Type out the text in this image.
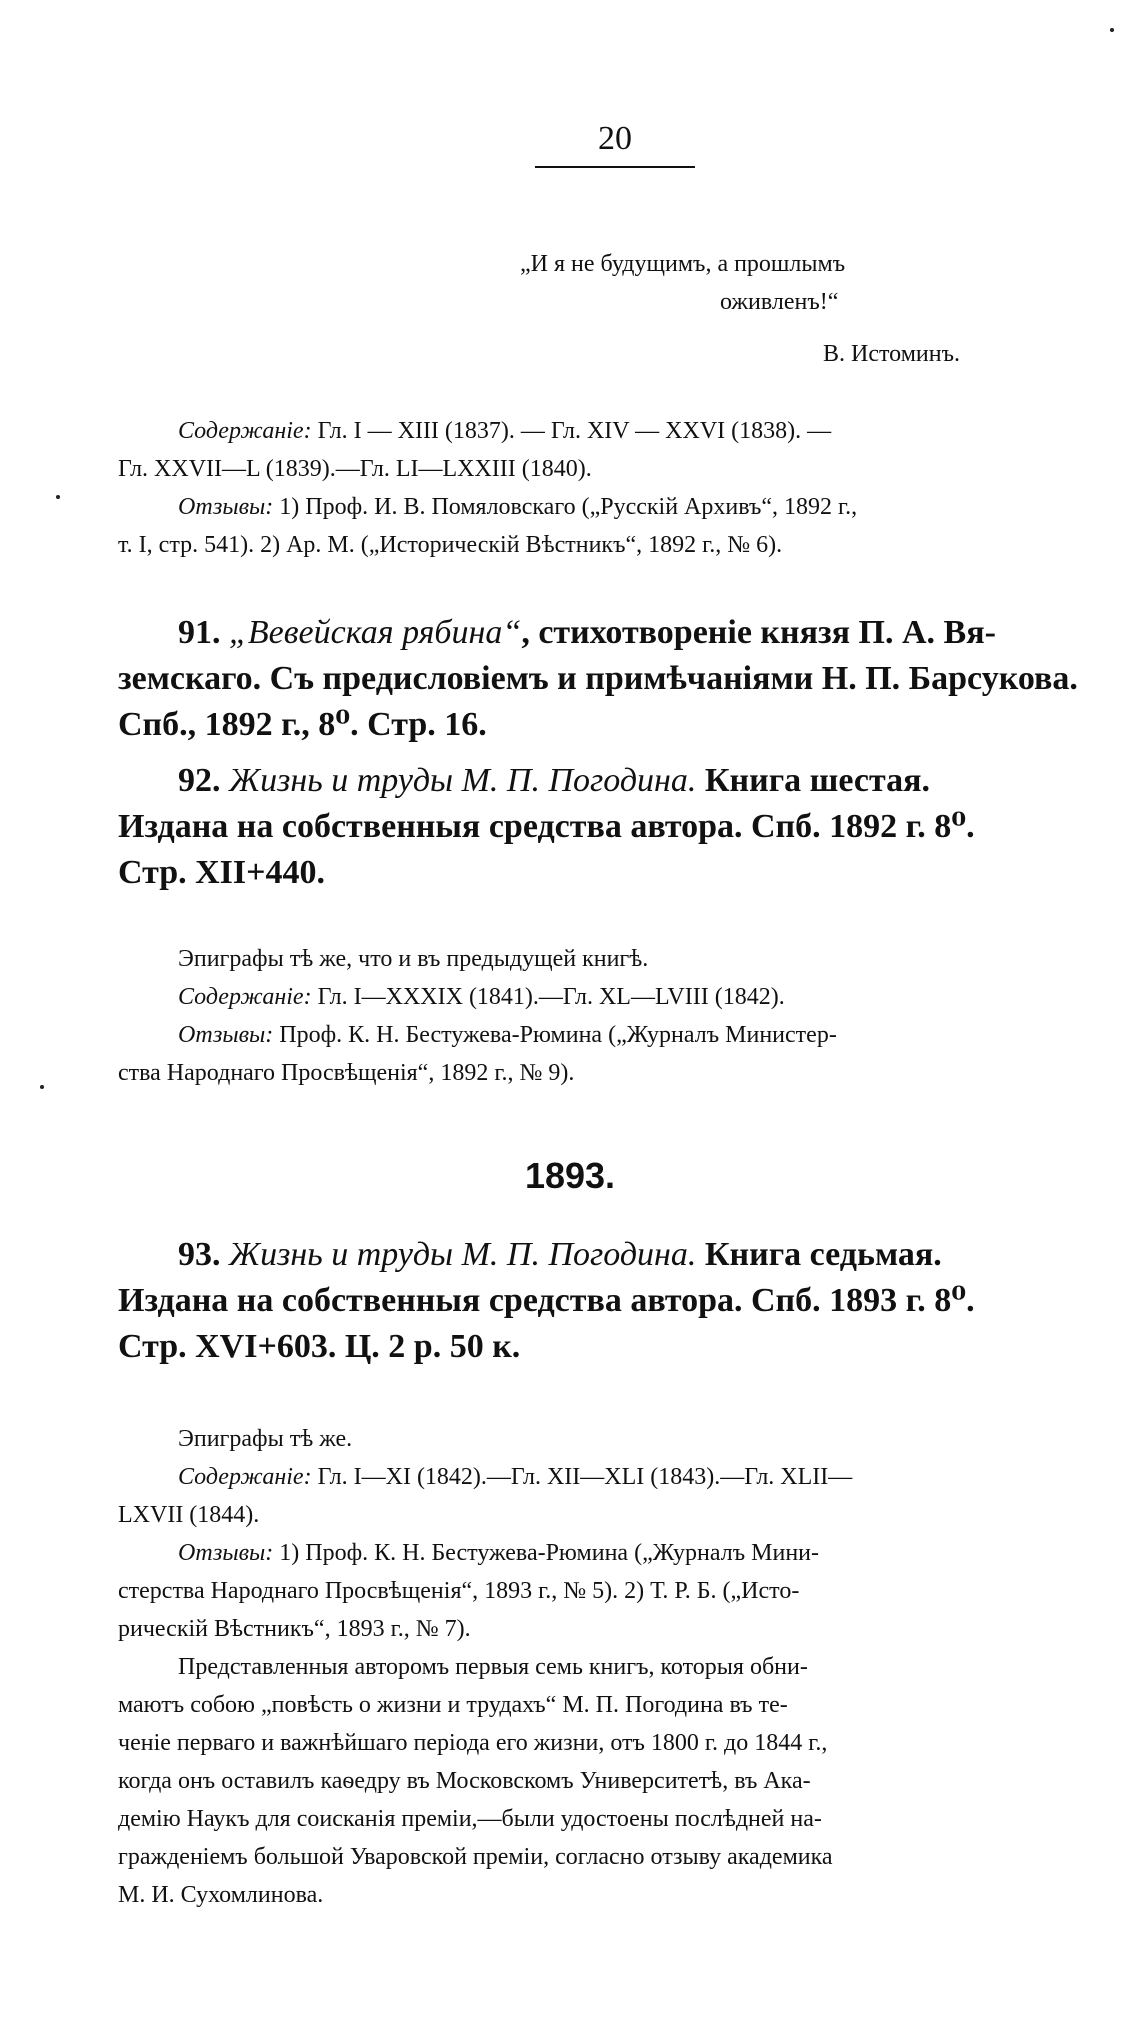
20
„И я не будущимъ, а прошлымъ
оживленъ!“
В. Истоминъ.
Содержаніе: Гл. I — XIII (1837). — Гл. XIV — XXVI (1838). —
Гл. XXVII—L (1839).—Гл. LI—LXXIII (1840).
Отзывы: 1) Проф. И. В. Помяловскаго („Русскій Архивъ“, 1892 г.,
т. I, стр. 541). 2) Ар. М. („Историческій Вѣстникъ“, 1892 г., № 6).
91. „Вевейская рябина“, стихотвореніе князя П. А. Вя-
земскаго. Съ предисловіемъ и примѣчаніями Н. П. Барсукова.
Спб., 1892 г., 8⁰. Стр. 16.
92. Жизнь и труды М. П. Погодина. Книга шестая.
Издана на собственныя средства автора. Спб. 1892 г. 8⁰.
Стр. XII+440.
Эпиграфы тѣ же, что и въ предыдущей книгѣ.
Содержаніе: Гл. I—XXXIX (1841).—Гл. XL—LVIII (1842).
Отзывы: Проф. К. Н. Бестужева-Рюмина („Журналъ Министер-
ства Народнаго Просвѣщенія“, 1892 г., № 9).
1893.
93. Жизнь и труды М. П. Погодина. Книга седьмая.
Издана на собственныя средства автора. Спб. 1893 г. 8⁰.
Стр. XVI+603. Ц. 2 р. 50 к.
Эпиграфы тѣ же.
Содержаніе: Гл. I—XI (1842).—Гл. XII—XLI (1843).—Гл. XLII—
LXVII (1844).
Отзывы: 1) Проф. К. Н. Бестужева-Рюмина („Журналъ Мини-
стерства Народнаго Просвѣщенія“, 1893 г., № 5). 2) Т. Р. Б. („Исто-
рическій Вѣстникъ“, 1893 г., № 7).
Представленныя авторомъ первыя семь книгъ, которыя обни-
маютъ собою „повѣсть о жизни и трудахъ“ М. П. Погодина въ те-
ченіе перваго и важнѣйшаго періода его жизни, отъ 1800 г. до 1844 г.,
когда онъ оставилъ каѳедру въ Московскомъ Университетѣ, въ Ака-
демію Наукъ для соисканія преміи,—были удостоены послѣдней на-
гражденіемъ большой Уваровской преміи, согласно отзыву академика
М. И. Сухомлинова.
